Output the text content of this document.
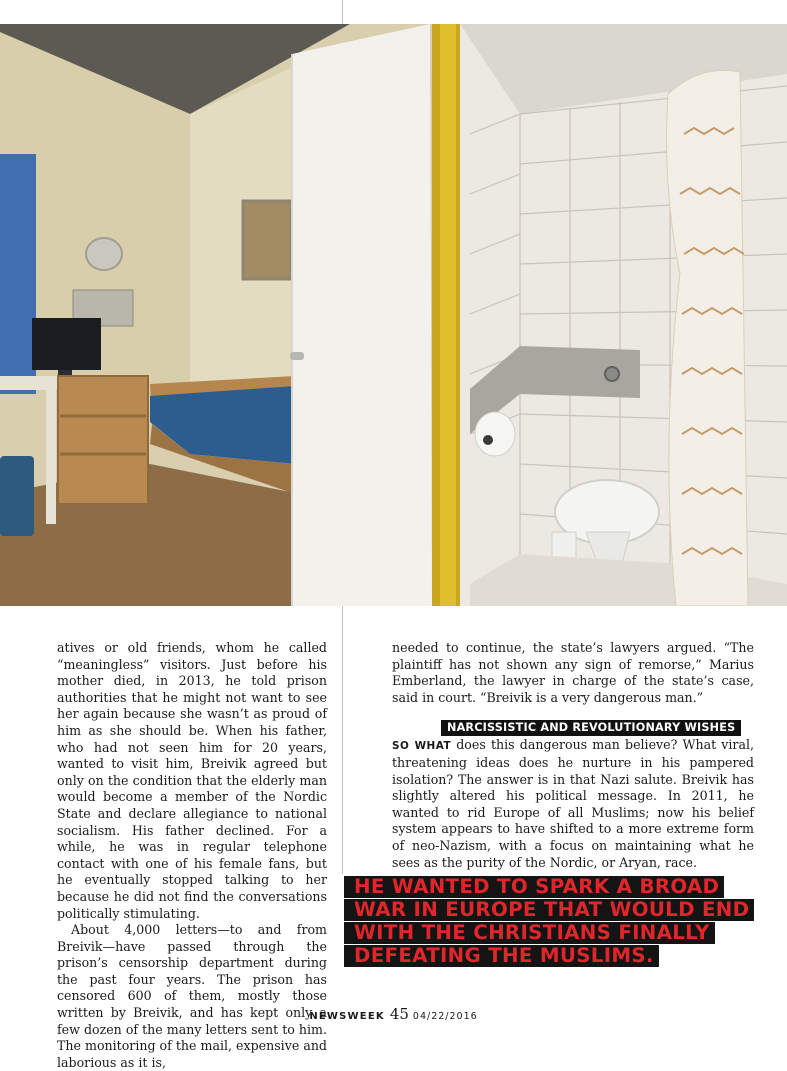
atives or old friends, whom he called “meaningless” visitors. Just before his mother died, in 2013, he told prison authorities that he might not want to see her again because she wasn’t as proud of him as she should be. When his father, who had not seen him for 20 years, wanted to visit him, Breivik agreed but only on the condition that the elderly man would become a member of the Nordic State and declare allegiance to national socialism. His father declined. For a while, he was in regular telephone contact with one of his female fans, but he eventually stopped talking to her because he did not find the conversations politically stimulating.

About 4,000 letters—to and from Breivik—have passed through the prison’s censorship department during the past four years. The prison has censored 600 of them, mostly those written by Breivik, and has kept only a few dozen of the many letters sent to him. The monitoring of the mail, expensive and laborious as it is,

needed to continue, the state’s lawyers argued. “The plaintiff has not shown any sign of remorse,” Marius Emberland, the lawyer in charge of the state’s case, said in court. “Breivik is a very dangerous man.”

NARCISSISTIC AND REVOLUTIONARY WISHES

SO WHAT does this dangerous man believe? What viral, threatening ideas does he nurture in his pampered isolation? The answer is in that Nazi salute. Breivik has slightly altered his political message. In 2011, he wanted to rid Europe of all Muslims; now his belief system appears to have shifted to a more extreme form of neo-Nazism, with a focus on maintaining what he sees as the purity of the Nordic, or Aryan, race.

HE WANTED TO SPARK A BROAD
WAR IN EUROPE THAT WOULD END
WITH THE CHRISTIANS FINALLY
DEFEATING THE MUSLIMS.
NEWSWEEK 45 04/22/2016
